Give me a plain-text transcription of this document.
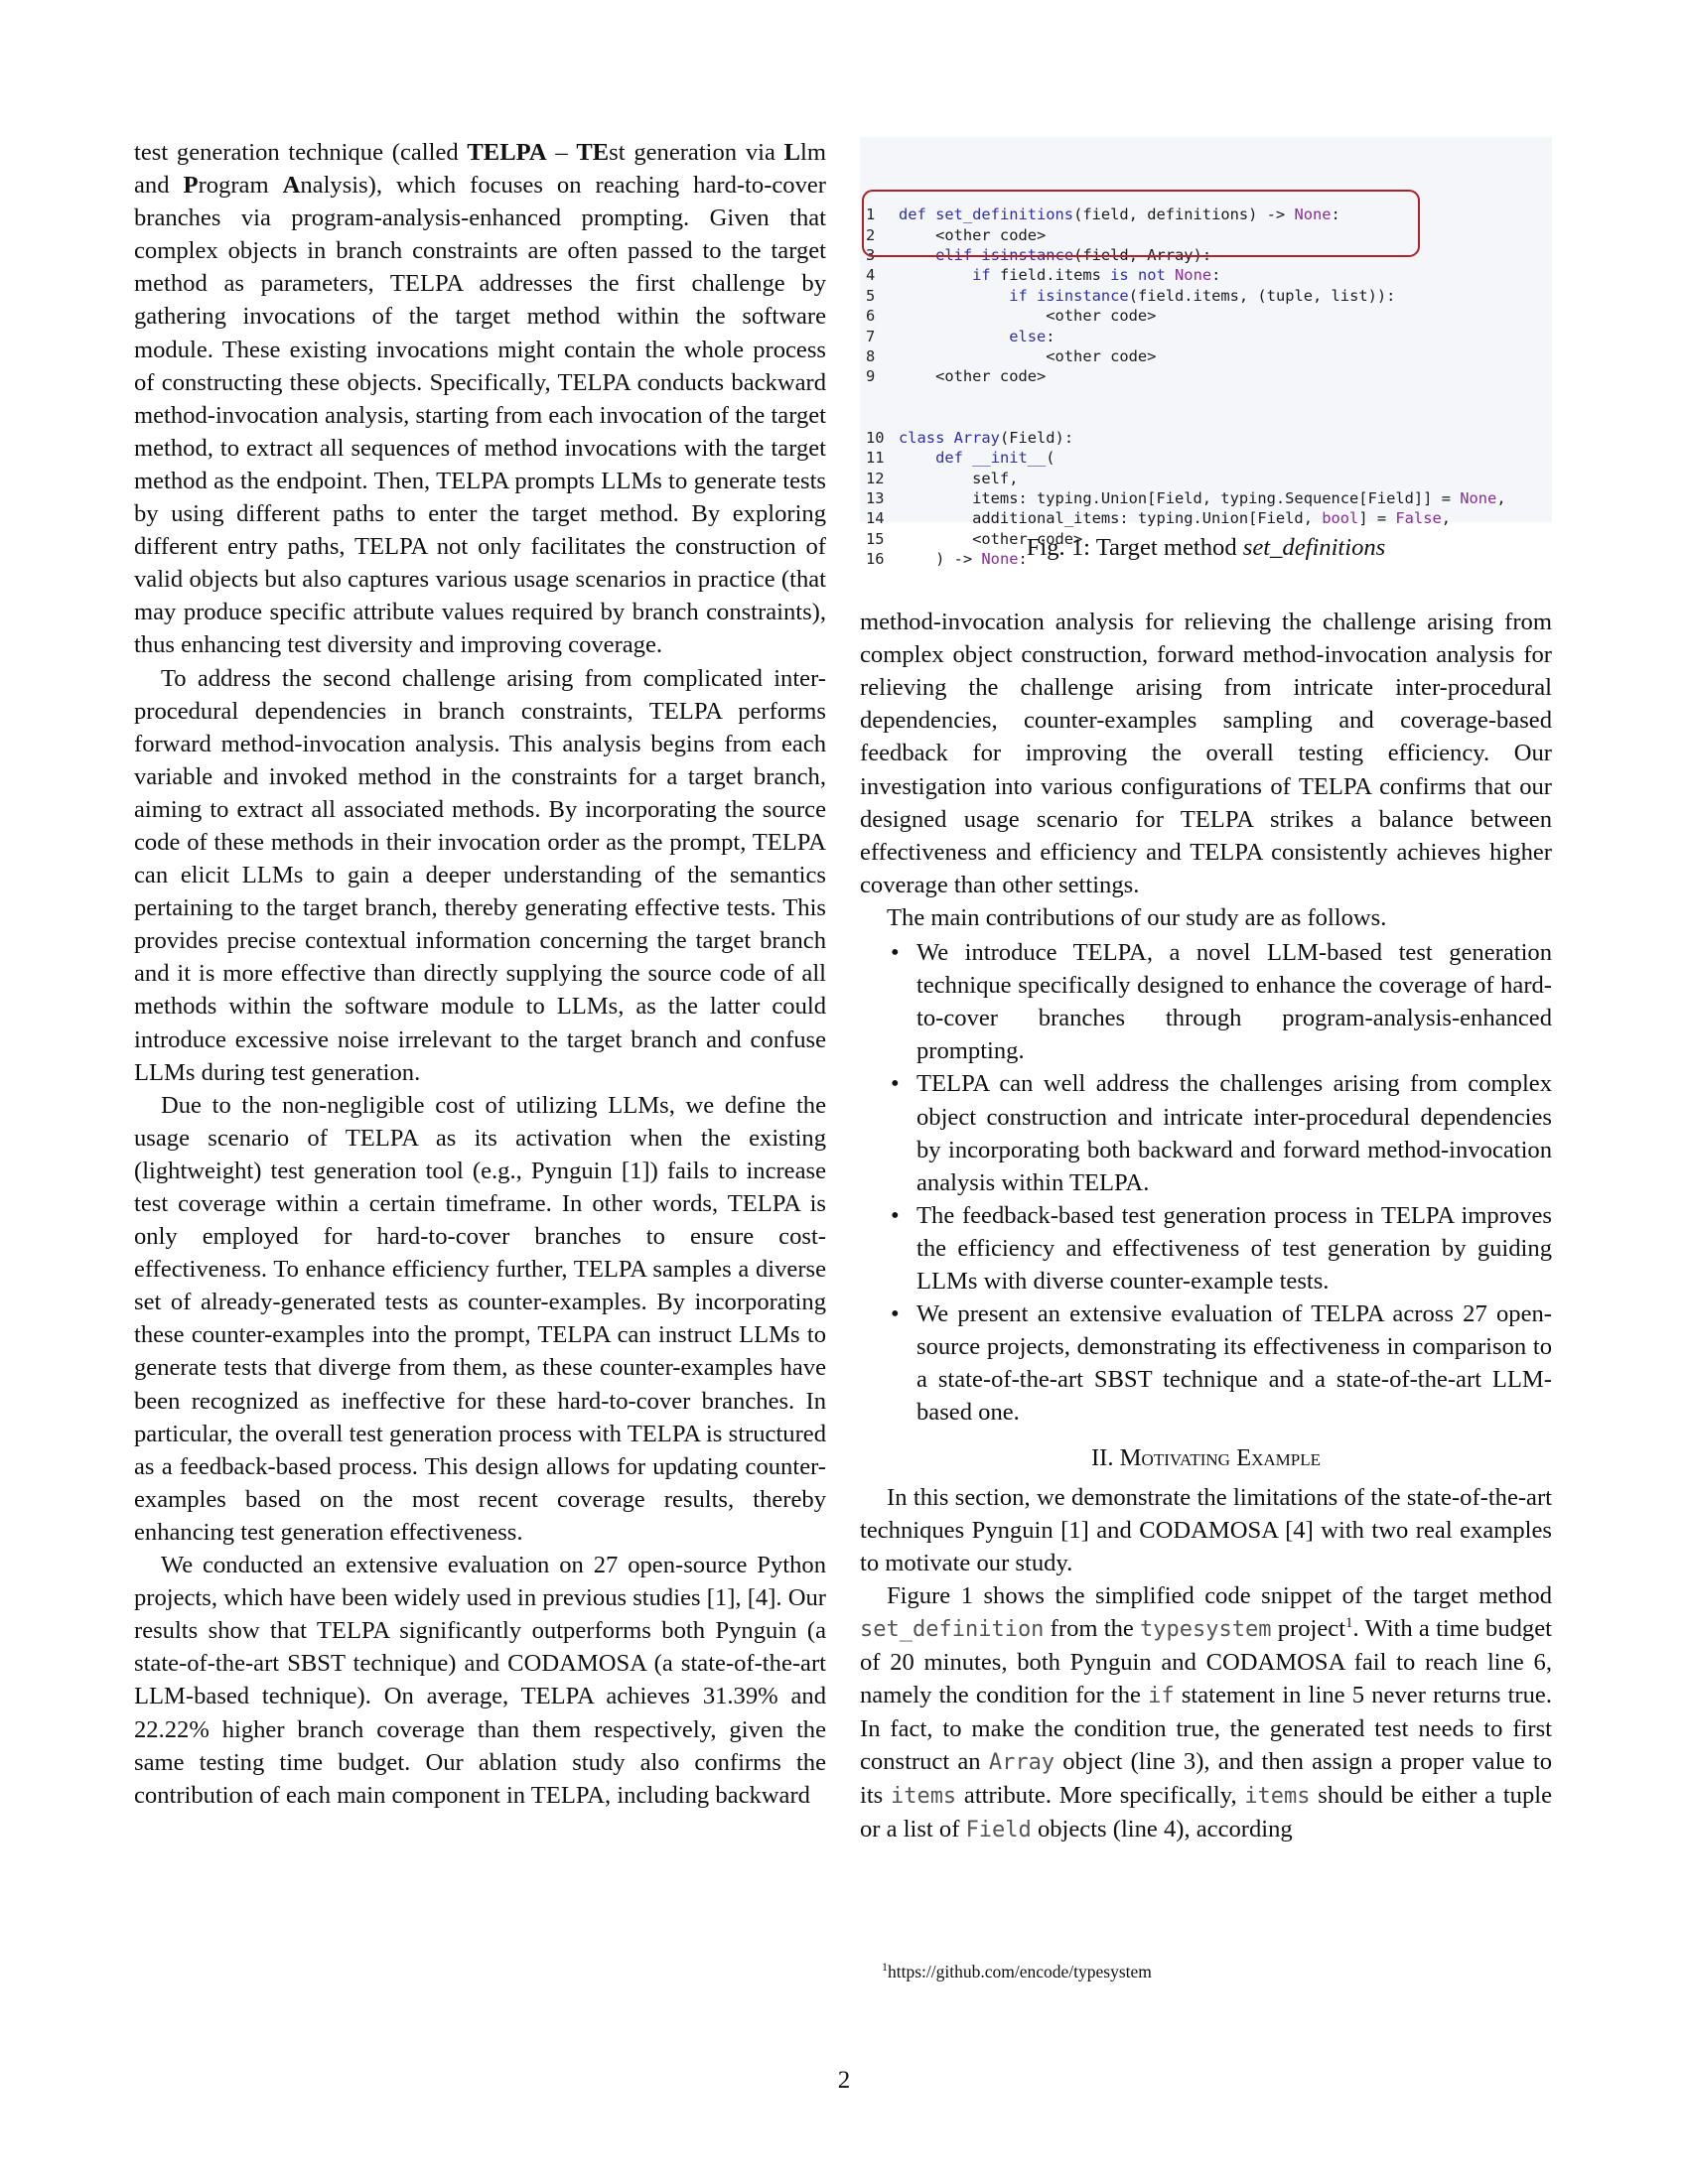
test generation technique (called TELPA – TEst generation via Llm and Program Analysis), which focuses on reaching hard-to-cover branches via program-analysis-enhanced prompting. Given that complex objects in branch constraints are often passed to the target method as parameters, TELPA addresses the first challenge by gathering invocations of the target method within the software module. These existing invocations might contain the whole process of constructing these objects. Specifically, TELPA conducts backward method-invocation analysis, starting from each invocation of the target method, to extract all sequences of method invocations with the target method as the endpoint. Then, TELPA prompts LLMs to generate tests by using different paths to enter the target method. By exploring different entry paths, TELPA not only facilitates the construction of valid objects but also captures various usage scenarios in practice (that may produce specific attribute values required by branch constraints), thus enhancing test diversity and improving coverage.

To address the second challenge arising from complicated inter-procedural dependencies in branch constraints, TELPA performs forward method-invocation analysis. This analysis begins from each variable and invoked method in the constraints for a target branch, aiming to extract all associated methods. By incorporating the source code of these methods in their invocation order as the prompt, TELPA can elicit LLMs to gain a deeper understanding of the semantics pertaining to the target branch, thereby generating effective tests. This provides precise contextual information concerning the target branch and it is more effective than directly supplying the source code of all methods within the software module to LLMs, as the latter could introduce excessive noise irrelevant to the target branch and confuse LLMs during test generation.

Due to the non-negligible cost of utilizing LLMs, we define the usage scenario of TELPA as its activation when the existing (lightweight) test generation tool (e.g., Pynguin [1]) fails to increase test coverage within a certain timeframe. In other words, TELPA is only employed for hard-to-cover branches to ensure cost-effectiveness. To enhance efficiency further, TELPA samples a diverse set of already-generated tests as counter-examples. By incorporating these counter-examples into the prompt, TELPA can instruct LLMs to generate tests that diverge from them, as these counter-examples have been recognized as ineffective for these hard-to-cover branches. In particular, the overall test generation process with TELPA is structured as a feedback-based process. This design allows for updating counter-examples based on the most recent coverage results, thereby enhancing test generation effectiveness.

We conducted an extensive evaluation on 27 open-source Python projects, which have been widely used in previous studies [1], [4]. Our results show that TELPA significantly outperforms both Pynguin (a state-of-the-art SBST technique) and CODAMOSA (a state-of-the-art LLM-based technique). On average, TELPA achieves 31.39% and 22.22% higher branch coverage than them respectively, given the same testing time budget. Our ablation study also confirms the contribution of each main component in TELPA, including backward

1 def set_definitions(field, definitions) -> None:
2    <other code>
3	elif isinstance(field, Array):
4	if field.items is not None:
5	if isinstance(field.items, (tuple, list)):
6                <other code>
7	else:
8                <other code>
9    <other code>
10 class Array(Field):
11	def __init__(
12        self,
13        items: typing.Union[Field, typing.Sequence[Field]] = None,
14        additional_items: typing.Union[Field, bool] = False,
15        <other code>
16    ) -> None:
Fig. 1: Target method set_definitions

method-invocation analysis for relieving the challenge arising from complex object construction, forward method-invocation analysis for relieving the challenge arising from intricate inter-procedural dependencies, counter-examples sampling and coverage-based feedback for improving the overall testing efficiency. Our investigation into various configurations of TELPA confirms that our designed usage scenario for TELPA strikes a balance between effectiveness and efficiency and TELPA consistently achieves higher coverage than other settings.

The main contributions of our study are as follows.

• We introduce TELPA, a novel LLM-based test generation technique specifically designed to enhance the coverage of hard-to-cover branches through program-analysis-enhanced prompting.
• TELPA can well address the challenges arising from complex object construction and intricate inter-procedural dependencies by incorporating both backward and forward method-invocation analysis within TELPA.
• The feedback-based test generation process in TELPA improves the efficiency and effectiveness of test generation by guiding LLMs with diverse counter-example tests.
• We present an extensive evaluation of TELPA across 27 open-source projects, demonstrating its effectiveness in comparison to a state-of-the-art SBST technique and a state-of-the-art LLM-based one.
II. Motivating Example

In this section, we demonstrate the limitations of the state-of-the-art techniques Pynguin [1] and CODAMOSA [4] with two real examples to motivate our study.

Figure 1 shows the simplified code snippet of the target method set_definition from the typesystem project$^1$. With a time budget of 20 minutes, both Pynguin and CODAMOSA fail to reach line 6, namely the condition for the if statement in line 5 never returns true. In fact, to make the condition true, the generated test needs to first construct an Array object (line 3), and then assign a proper value to its items attribute. More specifically, items should be either a tuple or a list of Field objects (line 4), according

$^1$https://github.com/encode/typesystem
2
